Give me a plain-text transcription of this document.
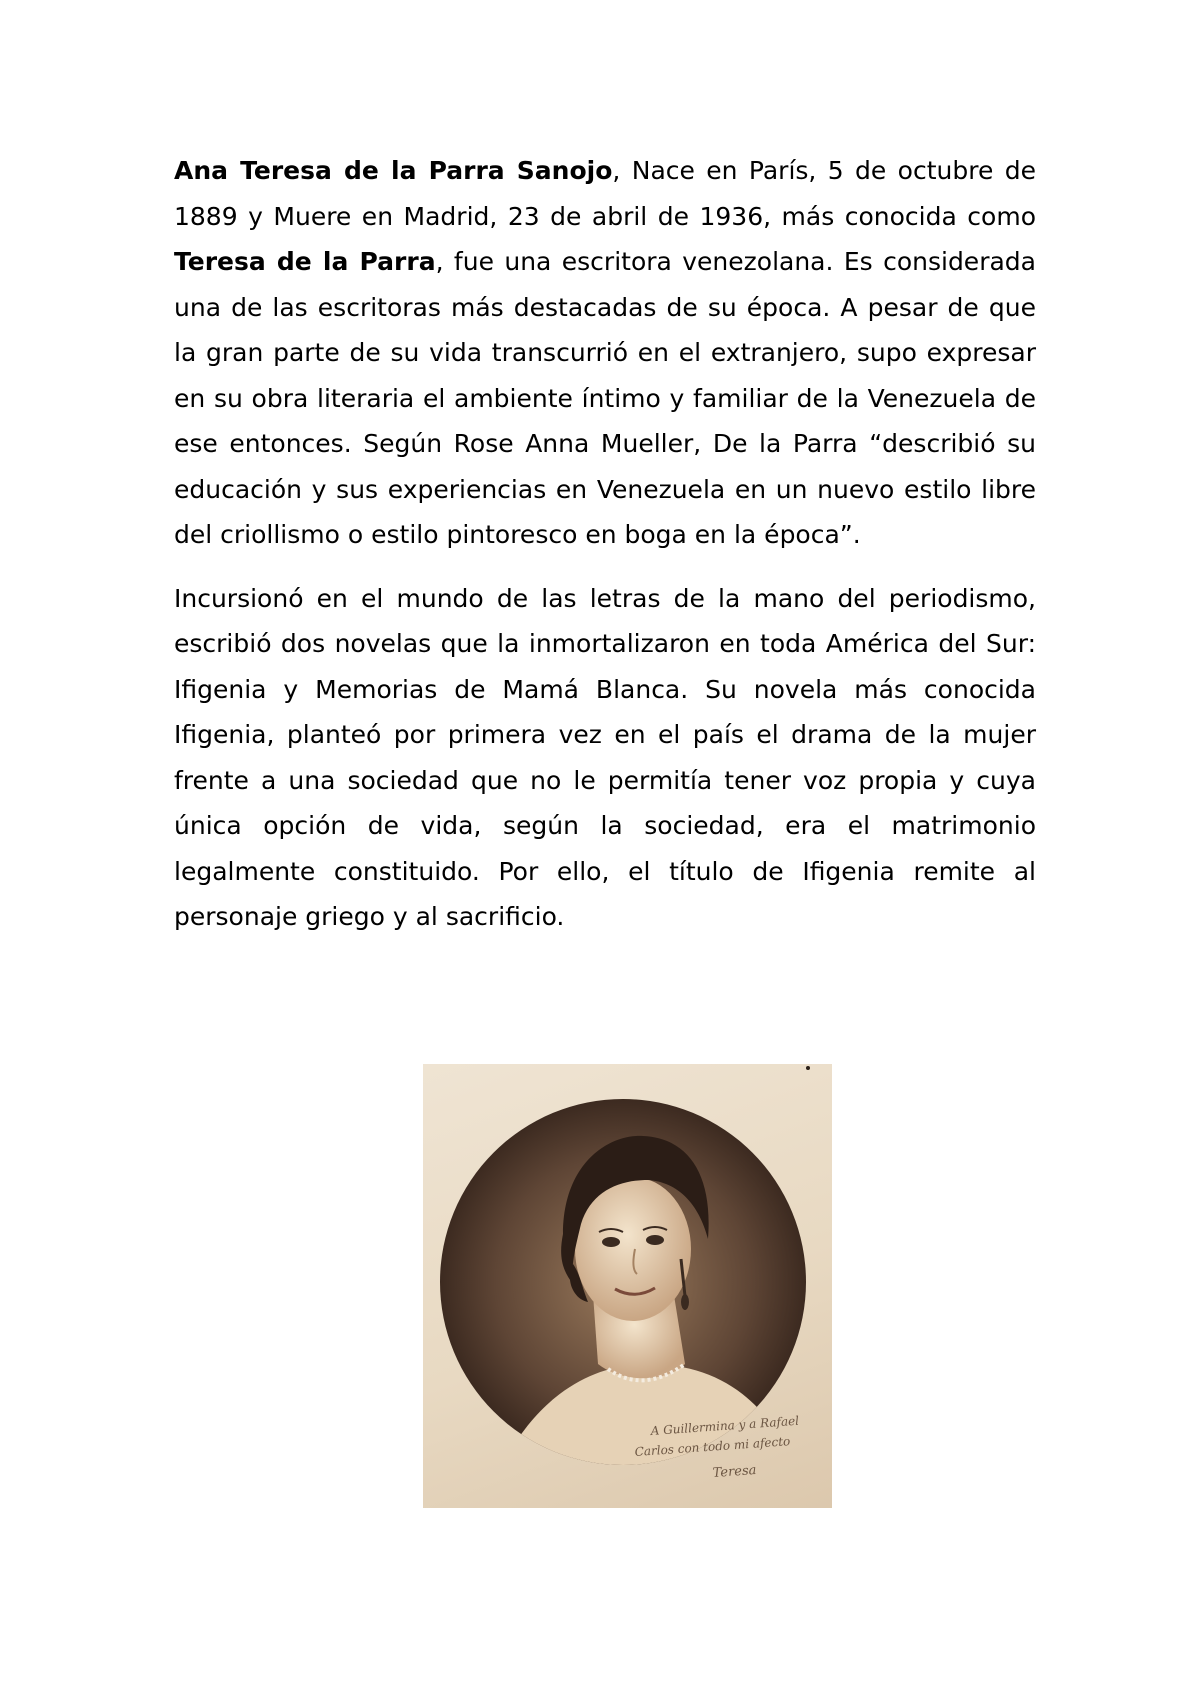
Ana Teresa de la Parra Sanojo, Nace en París, 5 de octubre de 1889 y Muere en Madrid, 23 de abril de 1936, más conocida como Teresa de la Parra, fue una escritora venezolana. Es considerada una de las escritoras más destacadas de su época. A pesar de que la gran parte de su vida transcurrió en el extranjero, supo expresar en su obra literaria el ambiente íntimo y familiar de la Venezuela de ese entonces. Según Rose Anna Mueller, De la Parra “describió su educación y sus experiencias en Venezuela en un nuevo estilo libre del criollismo o estilo pintoresco en boga en la época”.

Incursionó en el mundo de las letras de la mano del periodismo, escribió dos novelas que la inmortalizaron en toda América del Sur: Ifigenia y Memorias de Mamá Blanca. Su novela más conocida Ifigenia, planteó por primera vez en el país el drama de la mujer frente a una sociedad que no le permitía tener voz propia y cuya única opción de vida, según la sociedad, era el matrimonio legalmente constituido. Por ello, el título de Ifigenia remite al personaje griego y al sacrificio.

A Guillermina y a Rafael
Carlos con todo mi afecto
Teresa
